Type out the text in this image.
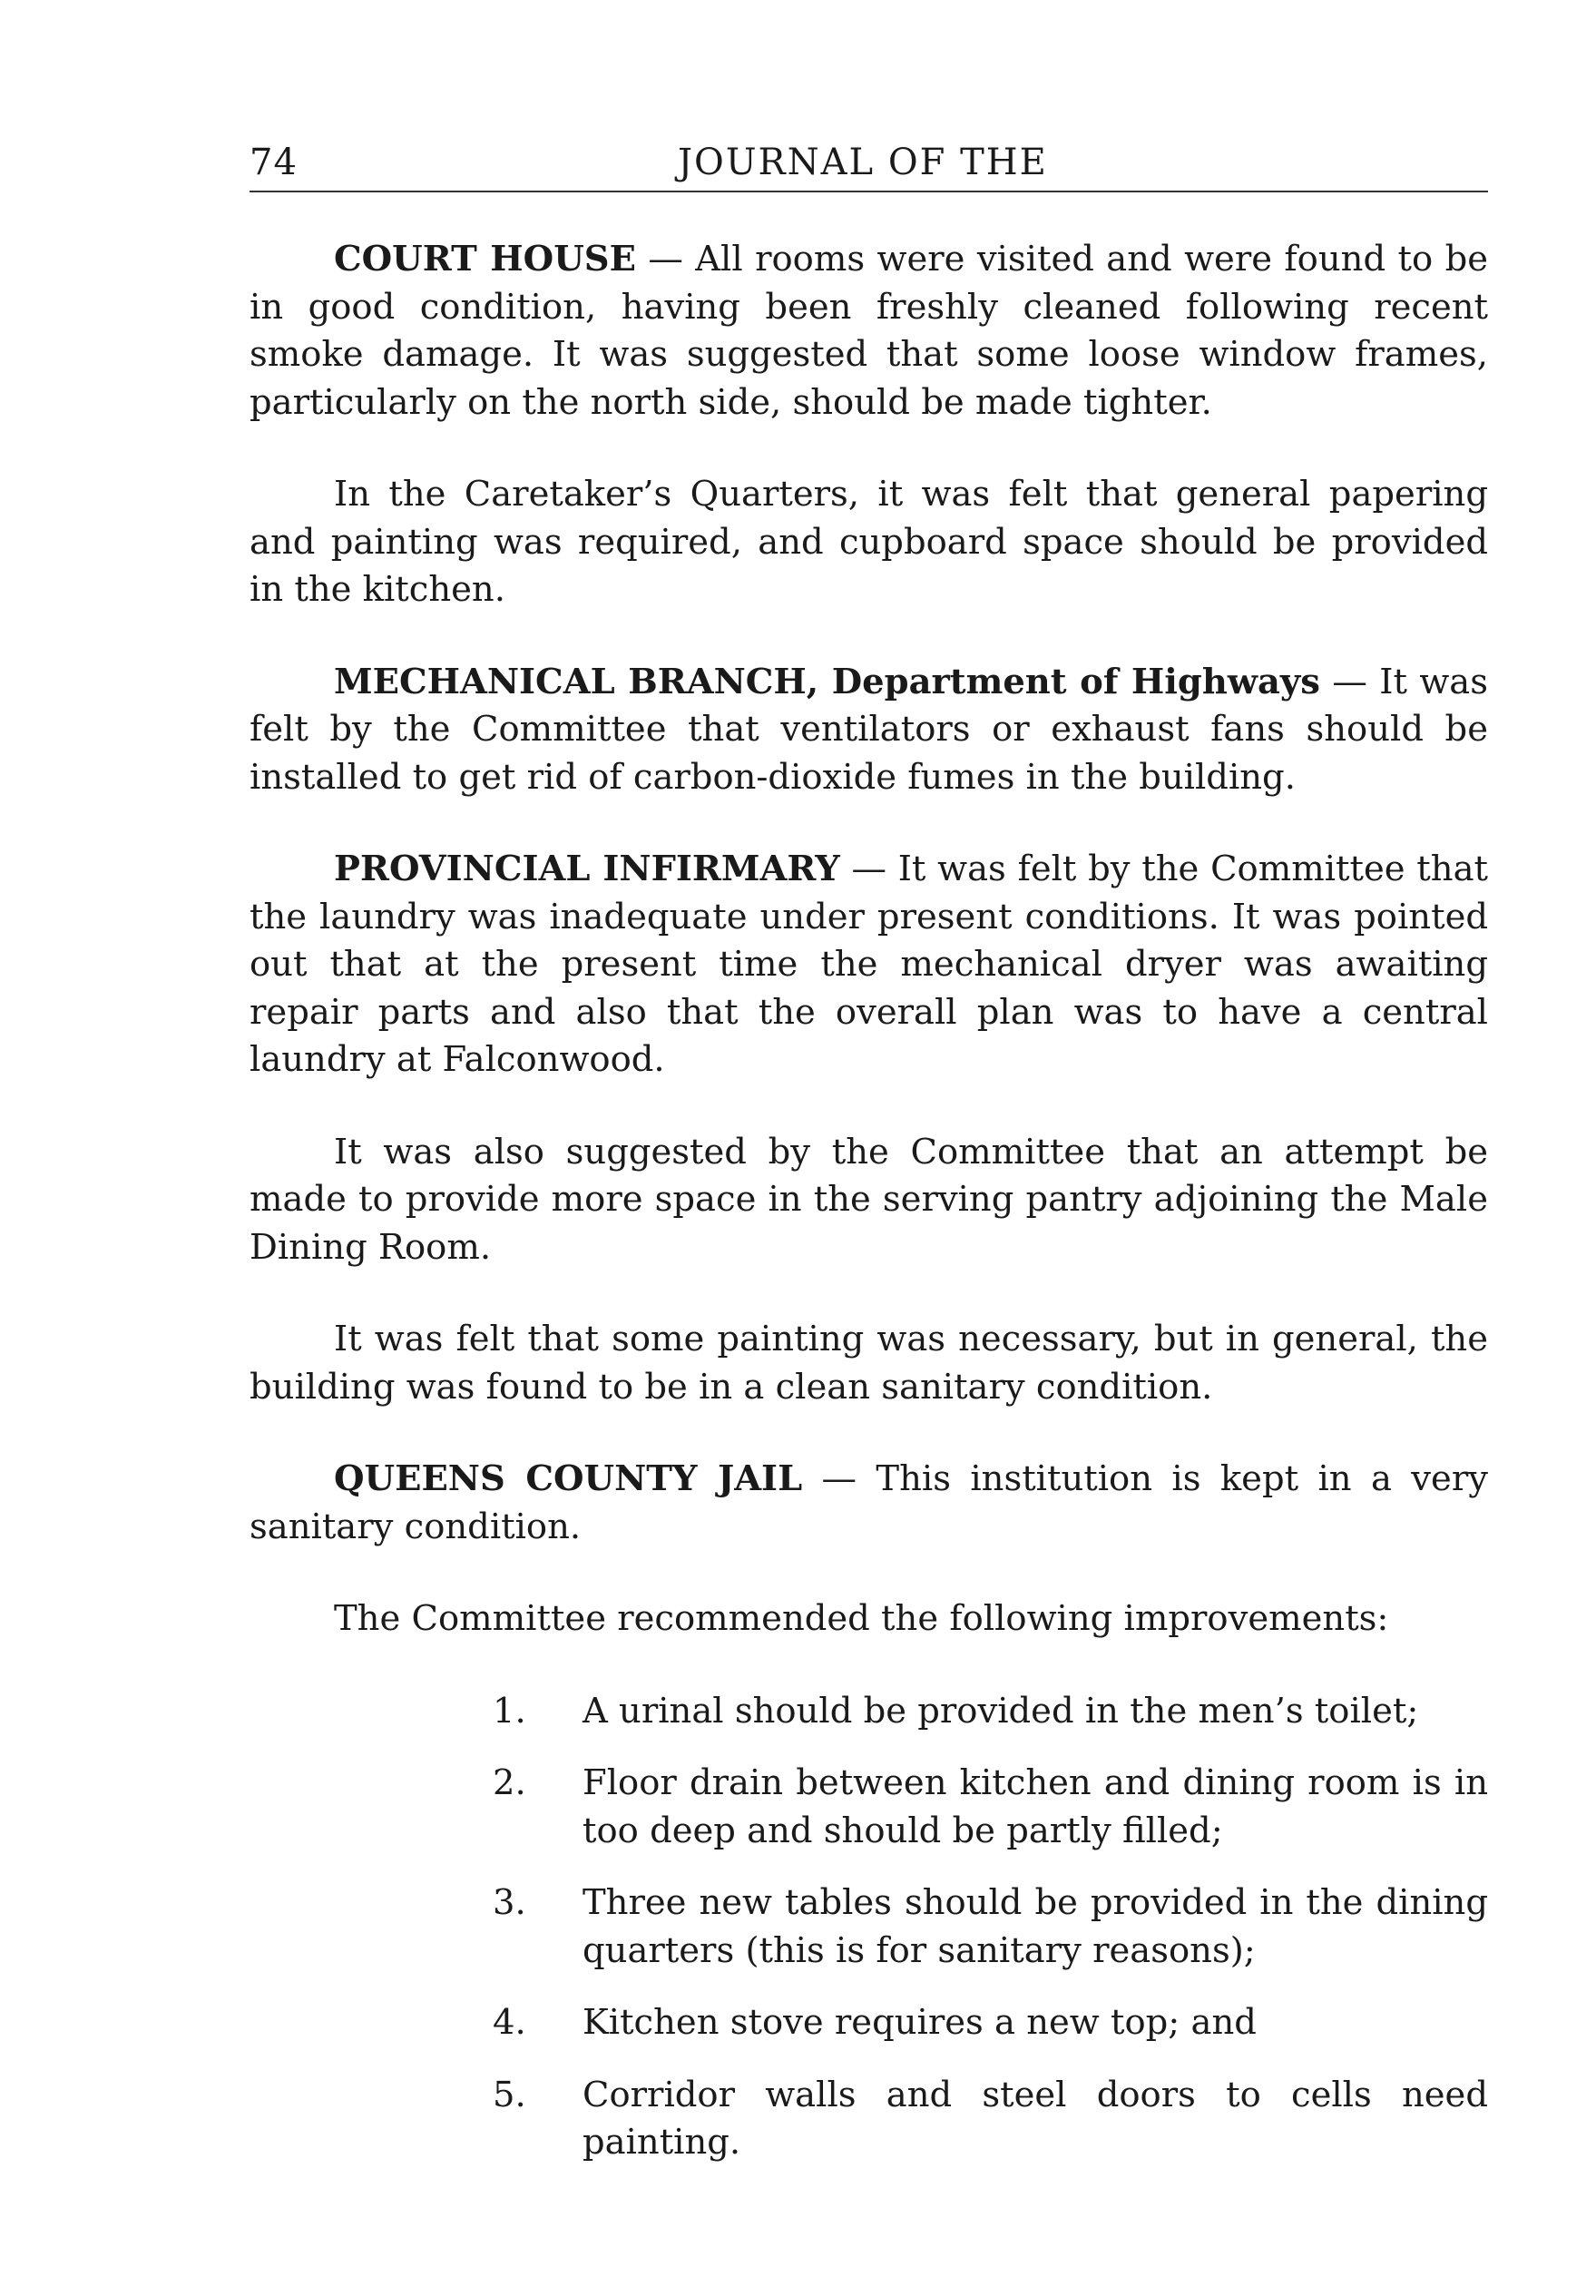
74	JOURNAL OF THE

COURT HOUSE — All rooms were visited and were found to be in good condition, having been freshly cleaned following recent smoke damage. It was suggested that some loose window frames, particularly on the north side, should be made tighter.

In the Caretaker’s Quarters, it was felt that general papering and painting was required, and cupboard space should be provided in the kitchen.

MECHANICAL BRANCH, Department of Highways — It was felt by the Committee that ventilators or exhaust fans should be installed to get rid of carbon-dioxide fumes in the building.

PROVINCIAL INFIRMARY — It was felt by the Committee that the laundry was inadequate under present conditions. It was pointed out that at the present time the mechanical dryer was awaiting repair parts and also that the overall plan was to have a central laundry at Falconwood.

It was also suggested by the Committee that an attempt be made to provide more space in the serving pantry adjoining the Male Dining Room.

It was felt that some painting was necessary, but in general, the building was found to be in a clean sanitary condition.

QUEENS COUNTY JAIL — This institution is kept in a very sanitary condition.

The Committee recommended the following improvements:

1. A urinal should be provided in the men’s toilet;
2. Floor drain between kitchen and dining room is in too deep and should be partly filled;
3. Three new tables should be provided in the dining quarters (this is for sanitary reasons);
4. Kitchen stove requires a new top; and
5. Corridor walls and steel doors to cells need painting.
